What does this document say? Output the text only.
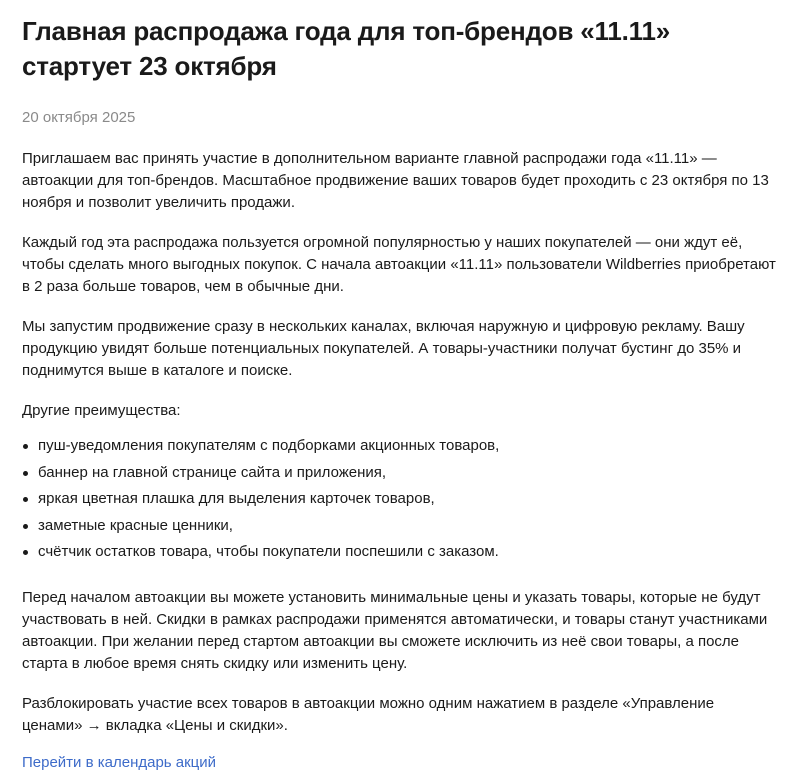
Главная распродажа года для топ-брендов «11.11» стартует 23 октября
20 октября 2025

Приглашаем вас принять участие в дополнительном варианте главной распродажи года «11.11» — автоакции для топ-брендов. Масштабное продвижение ваших товаров будет проходить с 23 октября по 13 ноября и позволит увеличить продажи.

Каждый год эта распродажа пользуется огромной популярностью у наших покупателей — они ждут её, чтобы сделать много выгодных покупок. С начала автоакции «11.11» пользователи Wildberries приобретают в 2 раза больше товаров, чем в обычные дни.

Мы запустим продвижение сразу в нескольких каналах, включая наружную и цифровую рекламу. Вашу продукцию увидят больше потенциальных покупателей. А товары-участники получат бустинг до 35% и поднимутся выше в каталоге и поиске.

Другие преимущества:

пуш-уведомления покупателям с подборками акционных товаров,
баннер на главной странице сайта и приложения,
яркая цветная плашка для выделения карточек товаров,
заметные красные ценники,
счётчик остатков товара, чтобы покупатели поспешили с заказом.

Перед началом автоакции вы можете установить минимальные цены и указать товары, которые не будут участвовать в ней. Скидки в рамках распродажи применятся автоматически, и товары станут участниками автоакции. При желании перед стартом автоакции вы сможете исключить из неё свои товары, а после старта в любое время снять скидку или изменить цену.

Разблокировать участие всех товаров в автоакции можно одним нажатием в разделе «Управление ценами» → вкладка «Цены и скидки».

Перейти в календарь акций
